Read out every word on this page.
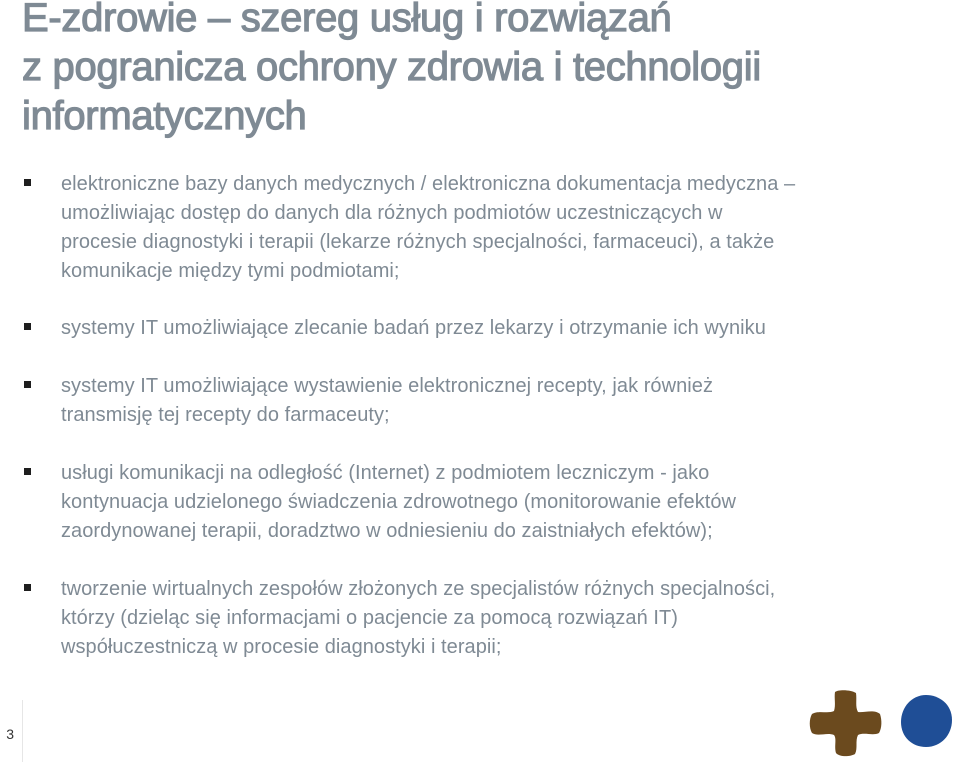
E-zdrowie – szereg usług i rozwiązań
z pogranicza ochrony zdrowia i technologii
informatycznych
elektroniczne bazy danych medycznych / elektroniczna dokumentacja medyczna –
umożliwiając dostęp do danych dla różnych podmiotów uczestniczących w
procesie diagnostyki i terapii (lekarze różnych specjalności, farmaceuci), a także
komunikacje między tymi podmiotami;
systemy IT umożliwiające zlecanie badań przez lekarzy i otrzymanie ich wyniku
systemy IT umożliwiające wystawienie elektronicznej recepty, jak również
transmisję tej recepty do farmaceuty;
usługi komunikacji na odległość (Internet) z podmiotem leczniczym - jako
kontynuacja udzielonego świadczenia zdrowotnego (monitorowanie efektów
zaordynowanej terapii, doradztwo w odniesieniu do zaistniałych efektów);
tworzenie wirtualnych zespołów złożonych ze specjalistów różnych specjalności,
którzy (dzieląc się informacjami o pacjencie za pomocą rozwiązań IT)
współuczestniczą w procesie diagnostyki i terapii;
3
